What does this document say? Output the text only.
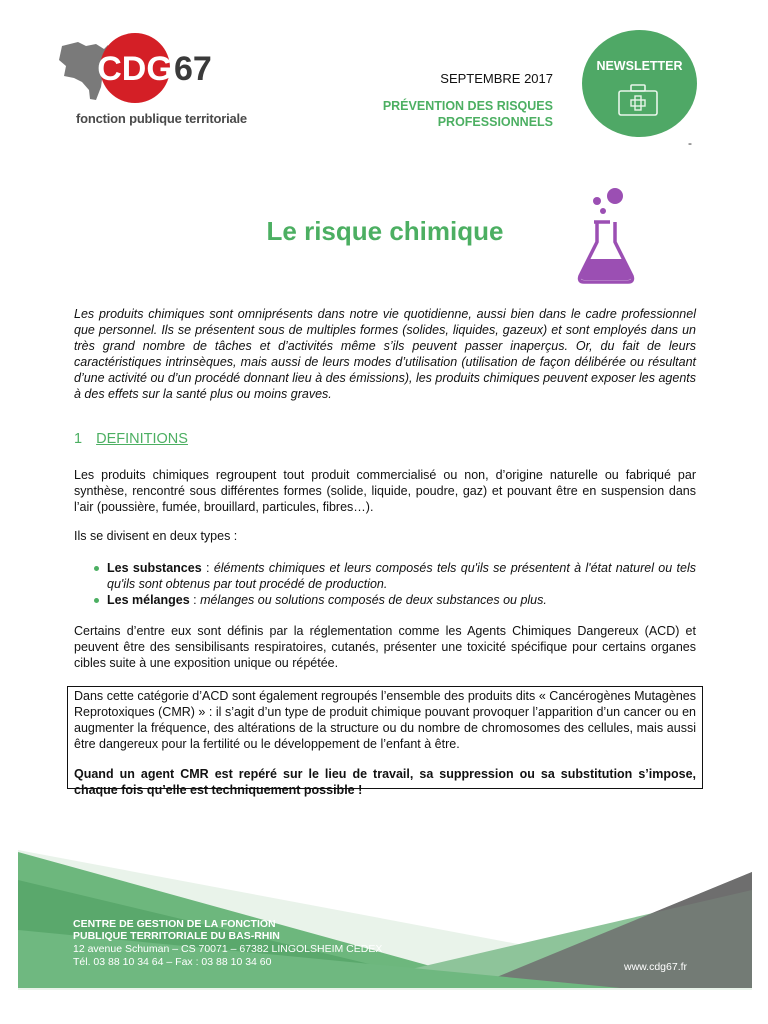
CDG 67
fonction publique territoriale
SEPTEMBRE 2017
PRÉVENTION DES RISQUES
PROFESSIONNELS
NEWSLETTER
-
Le risque chimique
Les produits chimiques sont omniprésents dans notre vie quotidienne, aussi bien dans le cadre professionnel que personnel. Ils se présentent sous de multiples formes (solides, liquides, gazeux) et sont employés dans un très grand nombre de tâches et d’activités même s’ils peuvent passer inaperçus. Or, du fait de leurs caractéristiques intrinsèques, mais aussi de leurs modes d’utilisation (utilisation de façon délibérée ou résultant d’une activité ou d’un procédé donnant lieu à des émissions), les produits chimiques peuvent exposer les agents à des effets sur la santé plus ou moins graves.
1 DEFINITIONS
Les produits chimiques regroupent tout produit commercialisé ou non, d’origine naturelle ou fabriqué par synthèse, rencontré sous différentes formes (solide, liquide, poudre, gaz) et pouvant être en suspension dans l’air (poussière, fumée, brouillard, particules, fibres…).
Ils se divisent en deux types :
Les substances : éléments chimiques et leurs composés tels qu'ils se présentent à l'état naturel ou tels qu'ils sont obtenus par tout procédé de production.
Les mélanges : mélanges ou solutions composés de deux substances ou plus.
Certains d’entre eux sont définis par la réglementation comme les Agents Chimiques Dangereux (ACD) et peuvent être des sensibilisants respiratoires, cutanés, présenter une toxicité spécifique pour certains organes cibles suite à une exposition unique ou répétée.

Dans cette catégorie d’ACD sont également regroupés l’ensemble des produits dits « Cancérogènes Mutagènes Reprotoxiques (CMR) » : il s’agit d’un type de produit chimique pouvant provoquer l’apparition d’un cancer ou en augmenter la fréquence, des altérations de la structure ou du nombre de chromosomes des cellules, mais aussi être dangereux pour la fertilité ou le développement de l’enfant à être.

Quand un agent CMR est repéré sur le lieu de travail, sa suppression ou sa substitution s’impose, chaque fois qu’elle est techniquement possible !

CENTRE DE GESTION DE LA FONCTION
PUBLIQUE TERRITORIALE DU BAS-RHIN
12 avenue Schuman – CS 70071 – 67382 LINGOLSHEIM CEDEX
Tél. 03 88 10 34 64 – Fax : 03 88 10 34 60	www.cdg67.fr
